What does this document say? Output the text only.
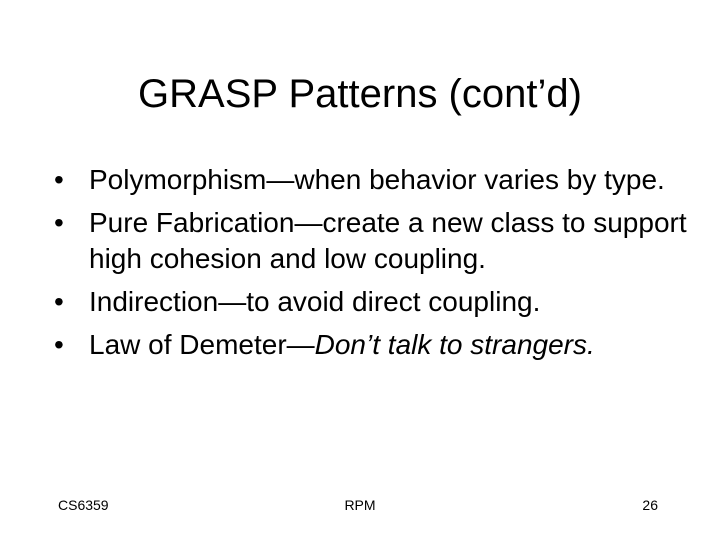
GRASP Patterns (cont’d)
• Polymorphism—when behavior varies by type.
• Pure Fabrication—create a new class to support high cohesion and low coupling.
• Indirection—to avoid direct coupling.
• Law of Demeter—Don’t talk to strangers.
CS6359	RPM	26
